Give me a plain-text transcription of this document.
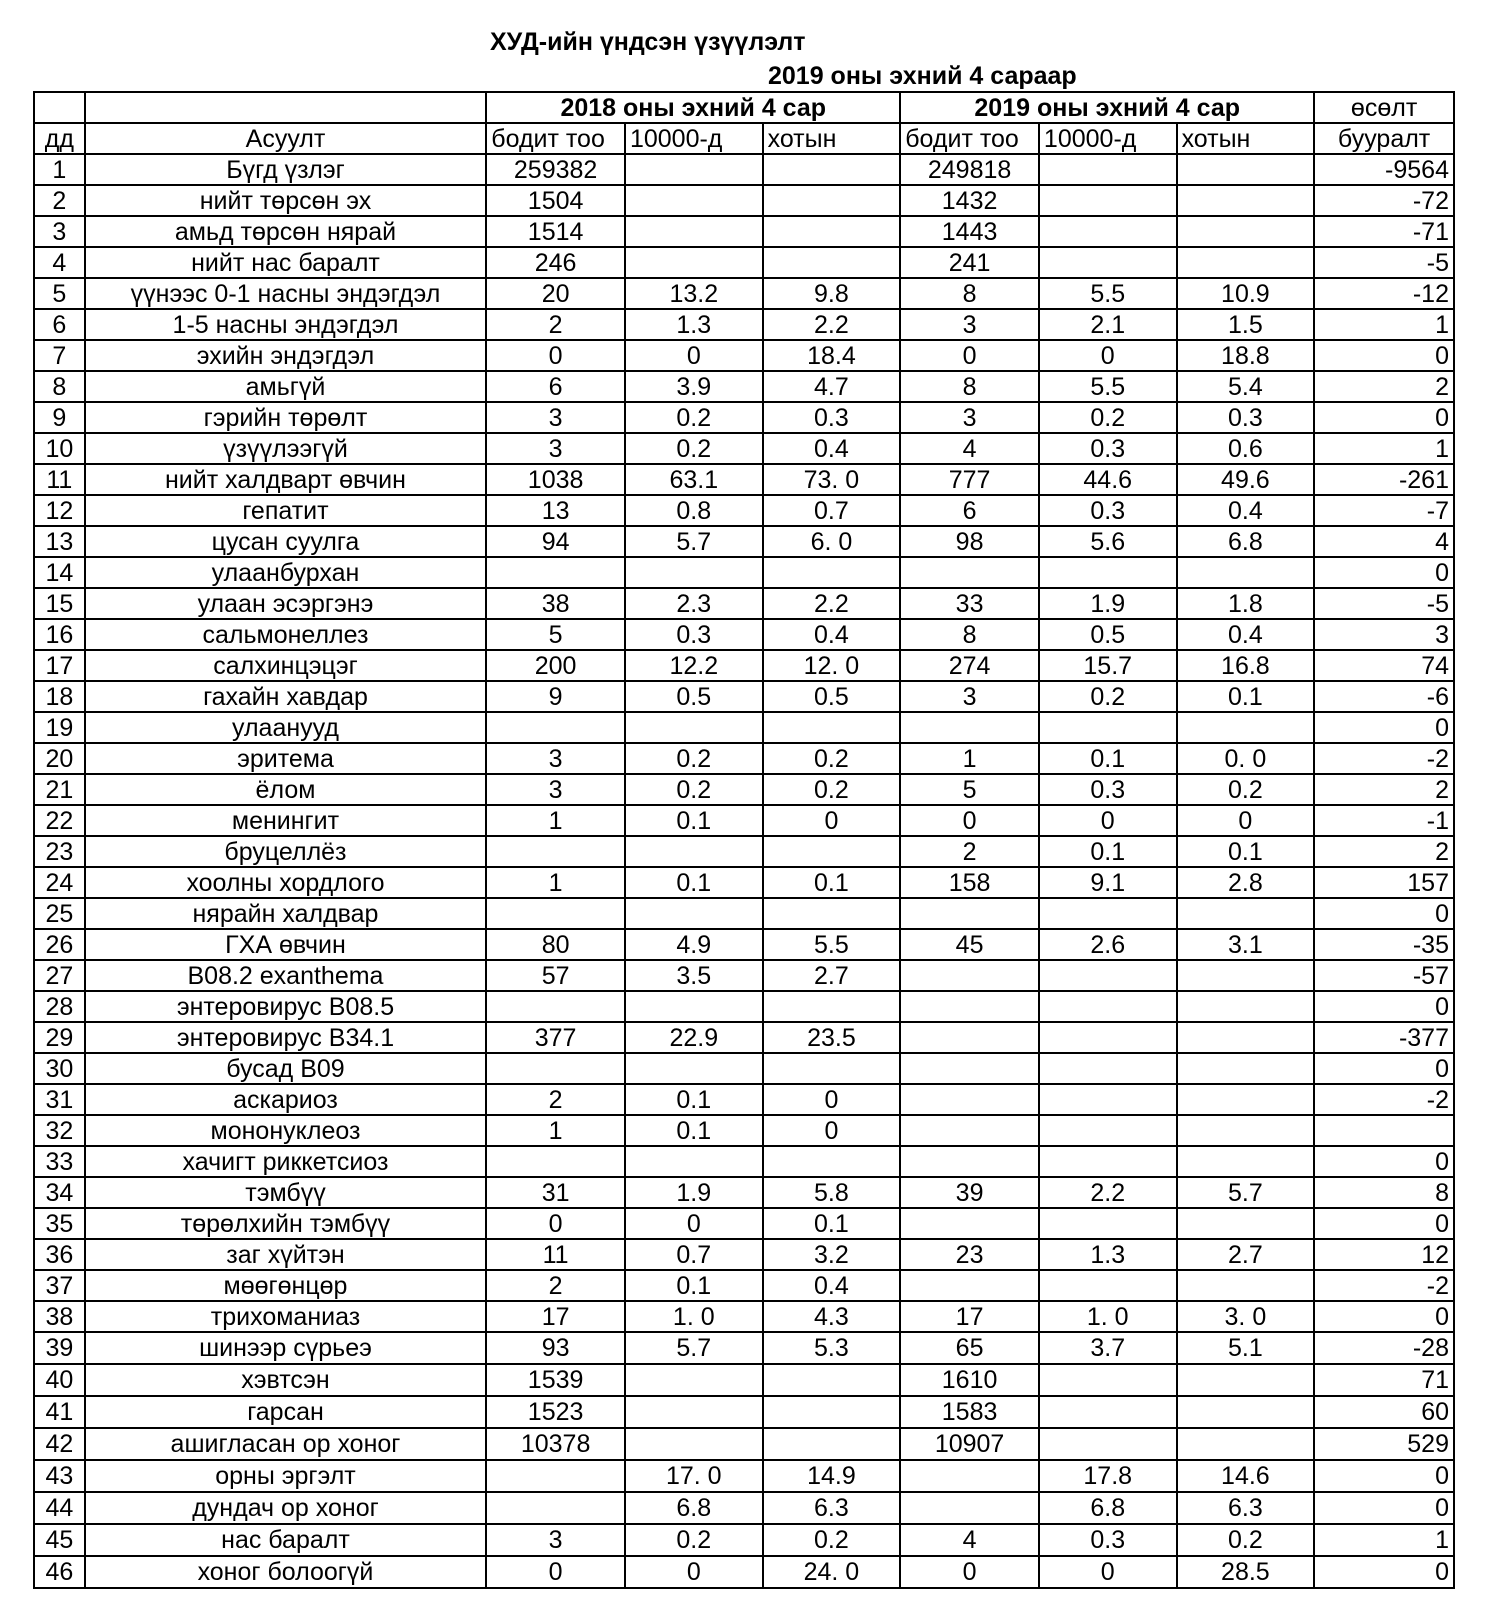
ХУД-ийн үндсэн үзүүлэлт
2019 оны эхний 4 сараар
		2018 оны эхний 4 сар			2019 оны эхний 4 сар			өсөлт
дд	Асуулт	бодит тоо	10000-д	хотын	бодит тоо	10000-д	хотын	бууралт
1	Бүгд үзлэг	259382			249818			-9564
2	нийт төрсөн эх	1504			1432			-72
3	амьд төрсөн нярай	1514			1443			-71
4	нийт нас баралт	246			241			-5
5	үүнээс 0-1 насны эндэгдэл	20	13.2	9.8	8	5.5	10.9	-12
6	1-5 насны эндэгдэл	2	1.3	2.2	3	2.1	1.5	1
7	эхийн эндэгдэл	0	0	18.4	0	0	18.8	0
8	амьгүй	6	3.9	4.7	8	5.5	5.4	2
9	гэрийн төрөлт	3	0.2	0.3	3	0.2	0.3	0
10	үзүүлээгүй	3	0.2	0.4	4	0.3	0.6	1
11	нийт халдварт өвчин	1038	63.1	73. 0	777	44.6	49.6	-261
12	гепатит	13	0.8	0.7	6	0.3	0.4	-7
13	цусан суулга	94	5.7	6. 0	98	5.6	6.8	4
14	улаанбурхан							0
15	улаан эсэргэнэ	38	2.3	2.2	33	1.9	1.8	-5
16	сальмонеллез	5	0.3	0.4	8	0.5	0.4	3
17	салхинцэцэг	200	12.2	12. 0	274	15.7	16.8	74
18	гахайн хавдар	9	0.5	0.5	3	0.2	0.1	-6
19	улаанууд							0
20	эритема	3	0.2	0.2	1	0.1	0. 0	-2
21	ёлом	3	0.2	0.2	5	0.3	0.2	2
22	менингит	1	0.1	0	0	0	0	-1
23	бруцеллёз				2	0.1	0.1	2
24	хоолны хордлого	1	0.1	0.1	158	9.1	2.8	157
25	нярайн халдвар							0
26	ГХА өвчин	80	4.9	5.5	45	2.6	3.1	-35
27	B08.2 exanthema	57	3.5	2.7				-57
28	энтеровирус B08.5							0
29	энтеровирус B34.1	377	22.9	23.5				-377
30	бусад B09							0
31	аскариоз	2	0.1	0				-2
32	мононуклеоз	1	0.1	0				
33	хачигт риккетсиоз							0
34	тэмбүү	31	1.9	5.8	39	2.2	5.7	8
35	төрөлхийн тэмбүү	0	0	0.1				0
36	заг хүйтэн	11	0.7	3.2	23	1.3	2.7	12
37	мөөгөнцөр	2	0.1	0.4				-2
38	трихоманиаз	17	1. 0	4.3	17	1. 0	3. 0	0
39	шинээр сүрьеэ	93	5.7	5.3	65	3.7	5.1	-28
40	хэвтсэн	1539			1610			71
41	гарсан	1523			1583			60
42	ашигласан ор хоног	10378			10907			529
43	орны эргэлт		17. 0	14.9		17.8	14.6	0
44	дундач ор хоног		6.8	6.3		6.8	6.3	0
45	нас баралт	3	0.2	0.2	4	0.3	0.2	1
46	хоног болоогүй	0	0	24. 0	0	0	28.5	0
